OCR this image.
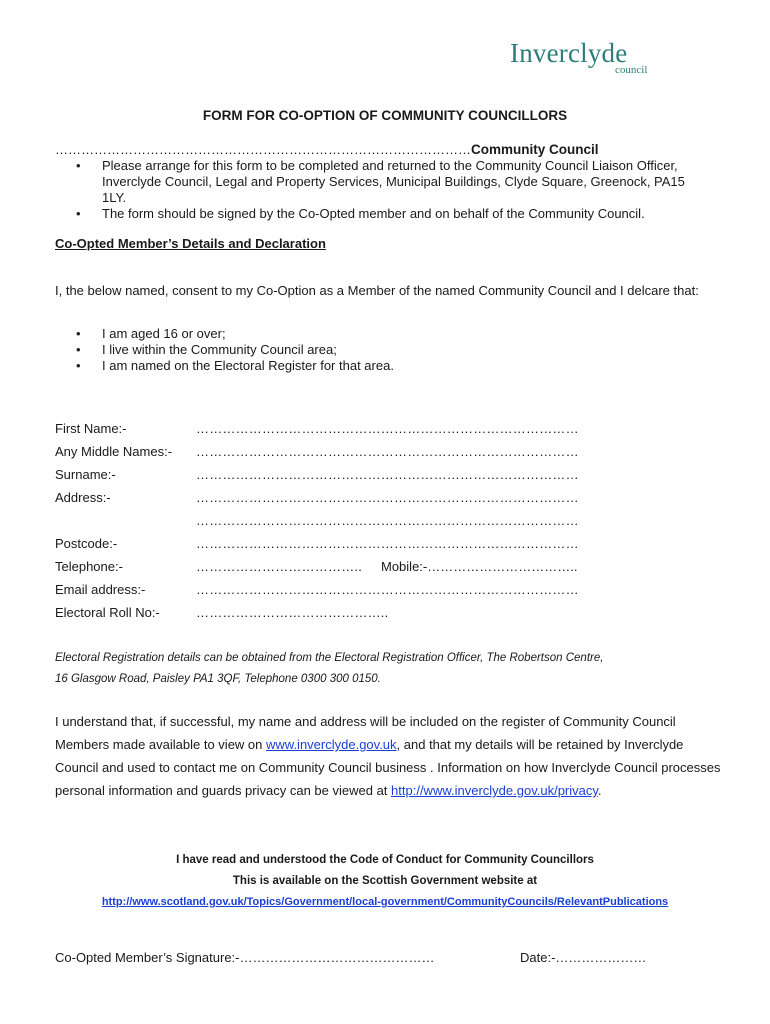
Inverclyde
council
FORM FOR CO-OPTION OF COMMUNITY COUNCILLORS
……………………………………………………………………………………Community Council
• Please arrange for this form to be completed and returned to the Community Council Liaison Officer, Inverclyde Council, Legal and Property Services, Municipal Buildings, Clyde Square, Greenock, PA15 1LY.
• The form should be signed by the Co-Opted member and on behalf of the Community Council.
Co-Opted Member’s Details and Declaration
I, the below named, consent to my Co-Option as a Member of the named Community Council and I delcare that:
• I am aged 16 or over;
• I live within the Community Council area;
• I am named on the Electoral Register for that area.
First Name:-	……………………………………………………………………………
Any Middle Names:- ……………………………………………………………………………
Surname:-	……………………………………………………………………………
Address:-	……………………………………………………………………………
……………………………………………………………………………
Postcode:-	……………………………………………………………………………
Telephone:-	……………………………….. Mobile:-……………………………..
Email address:-	……………………………………………………………………………
Electoral Roll No:-	……………………………………..
Electoral Registration details can be obtained from the Electoral Registration Officer, The Robertson Centre,
16 Glasgow Road, Paisley PA1 3QF, Telephone 0300 300 0150.
I understand that, if successful, my name and address will be included on the register of Community Council Members made available to view on www.inverclyde.gov.uk, and that my details will be retained by Inverclyde Council and used to contact me on Community Council business . Information on how Inverclyde Council processes personal information and guards privacy can be viewed at http://www.inverclyde.gov.uk/privacy.
I have read and understood the Code of Conduct for Community Councillors
This is available on the Scottish Government website at
http://www.scotland.gov.uk/Topics/Government/local-government/CommunityCouncils/RelevantPublications
Co-Opted Member’s Signature:-………………………………………	Date:-…………………
